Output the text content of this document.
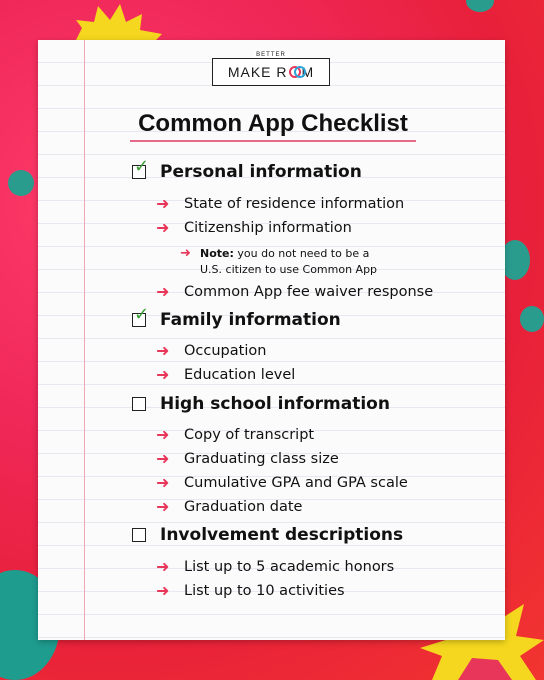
BETTER
MAKE R M
Common App Checklist
✓ Personal information
➜	State of residence information
➜	Citizenship information
➜ Note: you do not need to be a
U.S. citizen to use Common App
➜	Common App fee waiver response
✓ Family information
➜	Occupation
➜	Education level
High school information
➜	Copy of transcript
➜	Graduating class size
➜	Cumulative GPA and GPA scale
➜	Graduation date
Involvement descriptions
➜	List up to 5 academic honors
➜	List up to 10 activities
